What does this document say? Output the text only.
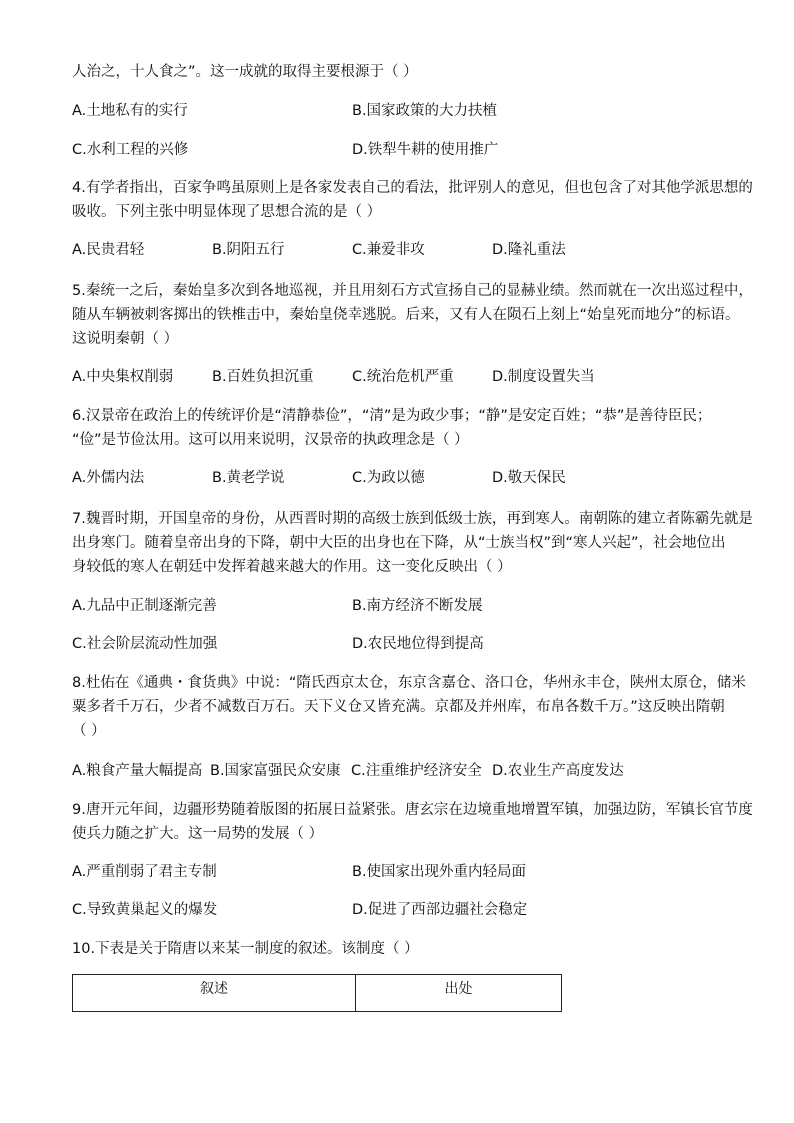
人治之，十人食之”。这一成就的取得主要根源于（ ）
A.土地私有的实行	B.国家政策的大力扶植
C.水利工程的兴修	D.铁犁牛耕的使用推广
4.有学者指出，百家争鸣虽原则上是各家发表自己的看法，批评别人的意见，但也包含了对其他学派思想的
吸收。下列主张中明显体现了思想合流的是（ ）
A.民贵君轻	B.阴阳五行	C.兼爱非攻	D.隆礼重法
5.秦统一之后，秦始皇多次到各地巡视，并且用刻石方式宣扬自己的显赫业绩。然而就在一次出巡过程中，
随从车辆被刺客掷出的铁椎击中，秦始皇侥幸逃脱。后来，又有人在陨石上刻上“始皇死而地分”的标语。
这说明秦朝（ ）
A.中央集权削弱	B.百姓负担沉重	C.统治危机严重	D.制度设置失当
6.汉景帝在政治上的传统评价是“清静恭俭”，“清”是为政少事；“静”是安定百姓；“恭”是善待臣民；
“俭”是节俭汰用。这可以用来说明，汉景帝的执政理念是（ ）
A.外儒内法	B.黄老学说	C.为政以德	D.敬天保民
7.魏晋时期，开国皇帝的身份，从西晋时期的高级士族到低级士族，再到寒人。南朝陈的建立者陈霸先就是
出身寒门。随着皇帝出身的下降，朝中大臣的出身也在下降，从“士族当权”到“寒人兴起”，社会地位出
身较低的寒人在朝廷中发挥着越来越大的作用。这一变化反映出（ ）
A.九品中正制逐渐完善	B.南方经济不断发展
C.社会阶层流动性加强	D.农民地位得到提高
8.杜佑在《通典・食货典》中说：“隋氏西京太仓，东京含嘉仓、洛口仓，华州永丰仓，陕州太原仓，储米
粟多者千万石，少者不减数百万石。天下义仓又皆充满。京都及并州库，布帛各数千万。”这反映出隋朝
（ ）
A.粮食产量大幅提高 B.国家富强民众安康 C.注重维护经济安全 D.农业生产高度发达
9.唐开元年间，边疆形势随着版图的拓展日益紧张。唐玄宗在边境重地增置军镇，加强边防，军镇长官节度
使兵力随之扩大。这一局势的发展（ ）
A.严重削弱了君主专制	B.使国家出现外重内轻局面
C.导致黄巢起义的爆发	D.促进了西部边疆社会稳定
10.下表是关于隋唐以来某一制度的叙述。该制度（ ）
叙述	出处
